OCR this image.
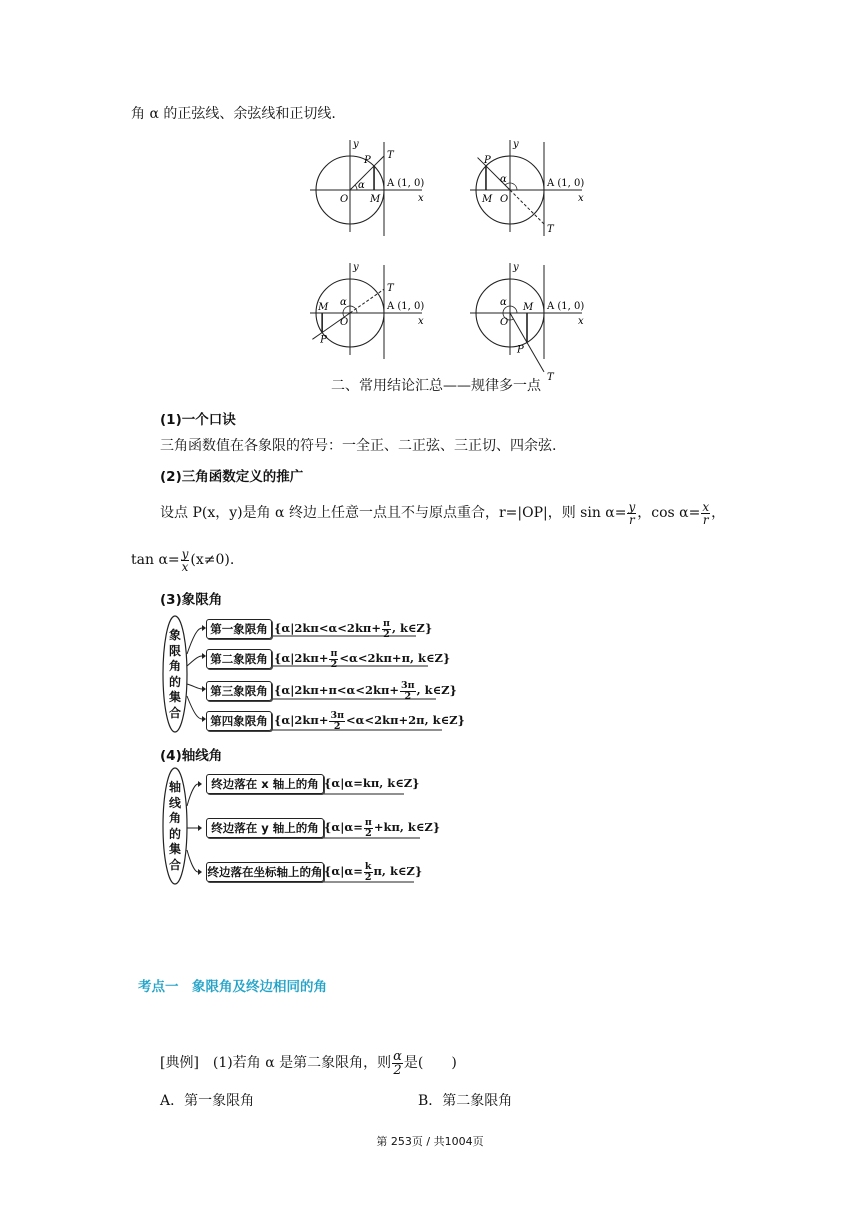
角 α 的正弦线、余弦线和正切线.
x
y
O
A (1, 0)
α
P
M
T
x
y
O
A (1, 0)
α
P
M
T
x
y
O
A (1, 0)
α
P
M
T
x
y
O
A (1, 0)
α
P
M
T
二、常用结论汇总——规律多一点
(1)一个口诀
三角函数值在各象限的符号：一全正、二正弦、三正切、四余弦.
(2)三角函数定义的推广
设点 P(x，y)是角 α 终边上任意一点且不与原点重合，r=|OP|，则 $\sin \alpha= \frac{y}{r}$ ，$\cos \alpha= \frac{x}{r}$ ，
$\tan \alpha= \frac{y}{x} (x\ne 0)$.
(3)象限角
象
限
角
的
集
合
第一象限角 {$\alpha|2k\pi<\alpha<2k\pi+ \frac{\pi}{2}$ , k∈Z}
第二象限角 {$\alpha|2k\pi+ \frac{\pi}{2} <\alpha<2k\pi+\pi$, k∈Z}
第三象限角 {$\alpha|2k\pi+\pi<\alpha<2k\pi+ \frac{3\pi}{2}$ , k∈Z}
第四象限角 {$\alpha|2k\pi+ \frac{3\pi}{2} <\alpha<2k\pi+2\pi$, k∈Z}
(4)轴线角
轴
线
角
的
集
合
终边落在 x 轴上的角 {α|α=kπ, k∈Z}
终边落在 y 轴上的角 {$\alpha|\alpha= \frac{\pi}{2} +k\pi$, k∈Z}
终边落在坐标轴上的角 {$\alpha|\alpha= \frac{k}{2} \pi$, k∈Z}
考点一　象限角及终边相同的角
[典例]　(1)若角 α 是第二象限角，则 $\frac{\alpha}{2}$ 是(　　)
A．第一象限角	B．第二象限角
第 253页 / 共1004页
